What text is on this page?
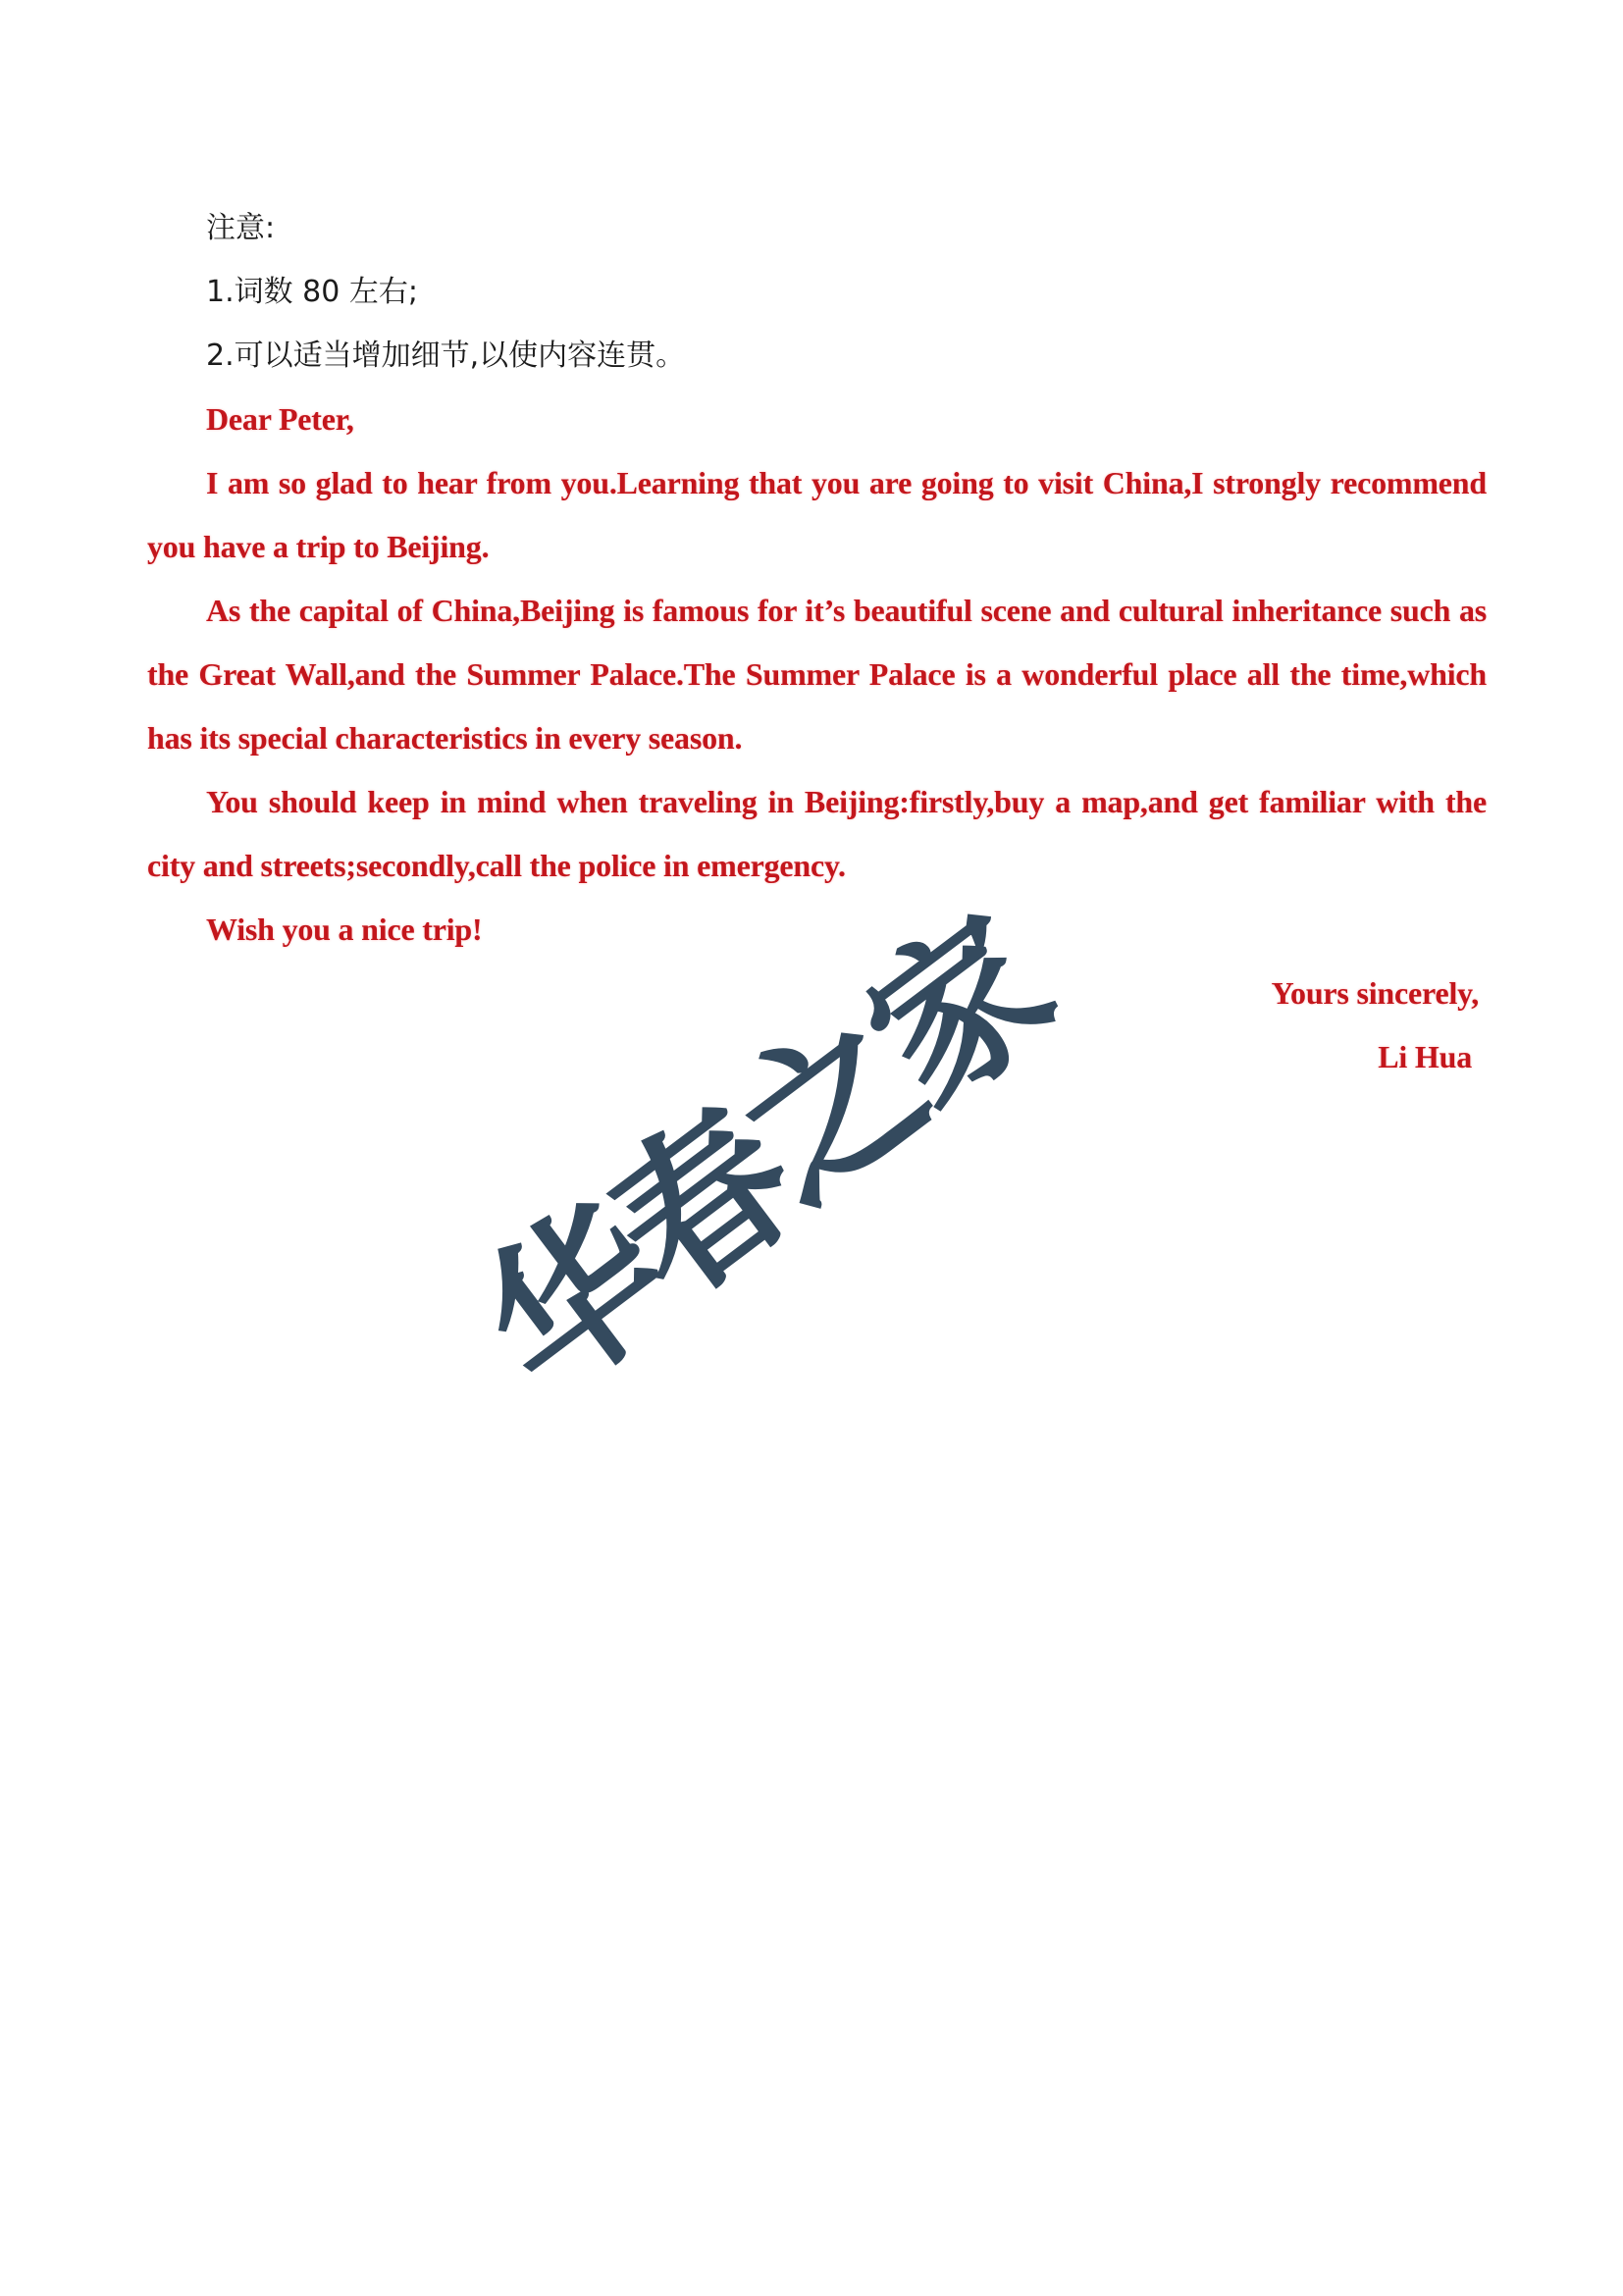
注意:

1.词数 80 左右;

2.可以适当增加细节,以使内容连贯。

Dear Peter,

I am so glad to hear from you.Learning that you are going to visit China,I strongly recommend you have a trip to Beijing.

As the capital of China,Beijing is famous for it’s beautiful scene and cultural inheritance such as the Great Wall,and the Summer Palace.The Summer Palace is a wonderful place all the time,which has its special characteristics in every season.

You should keep in mind when traveling in Beijing:firstly,buy a map,and get familiar with the city and streets;secondly,call the police in emergency.

Wish you a nice trip!

Yours sincerely,

Li Hua

华春之家
